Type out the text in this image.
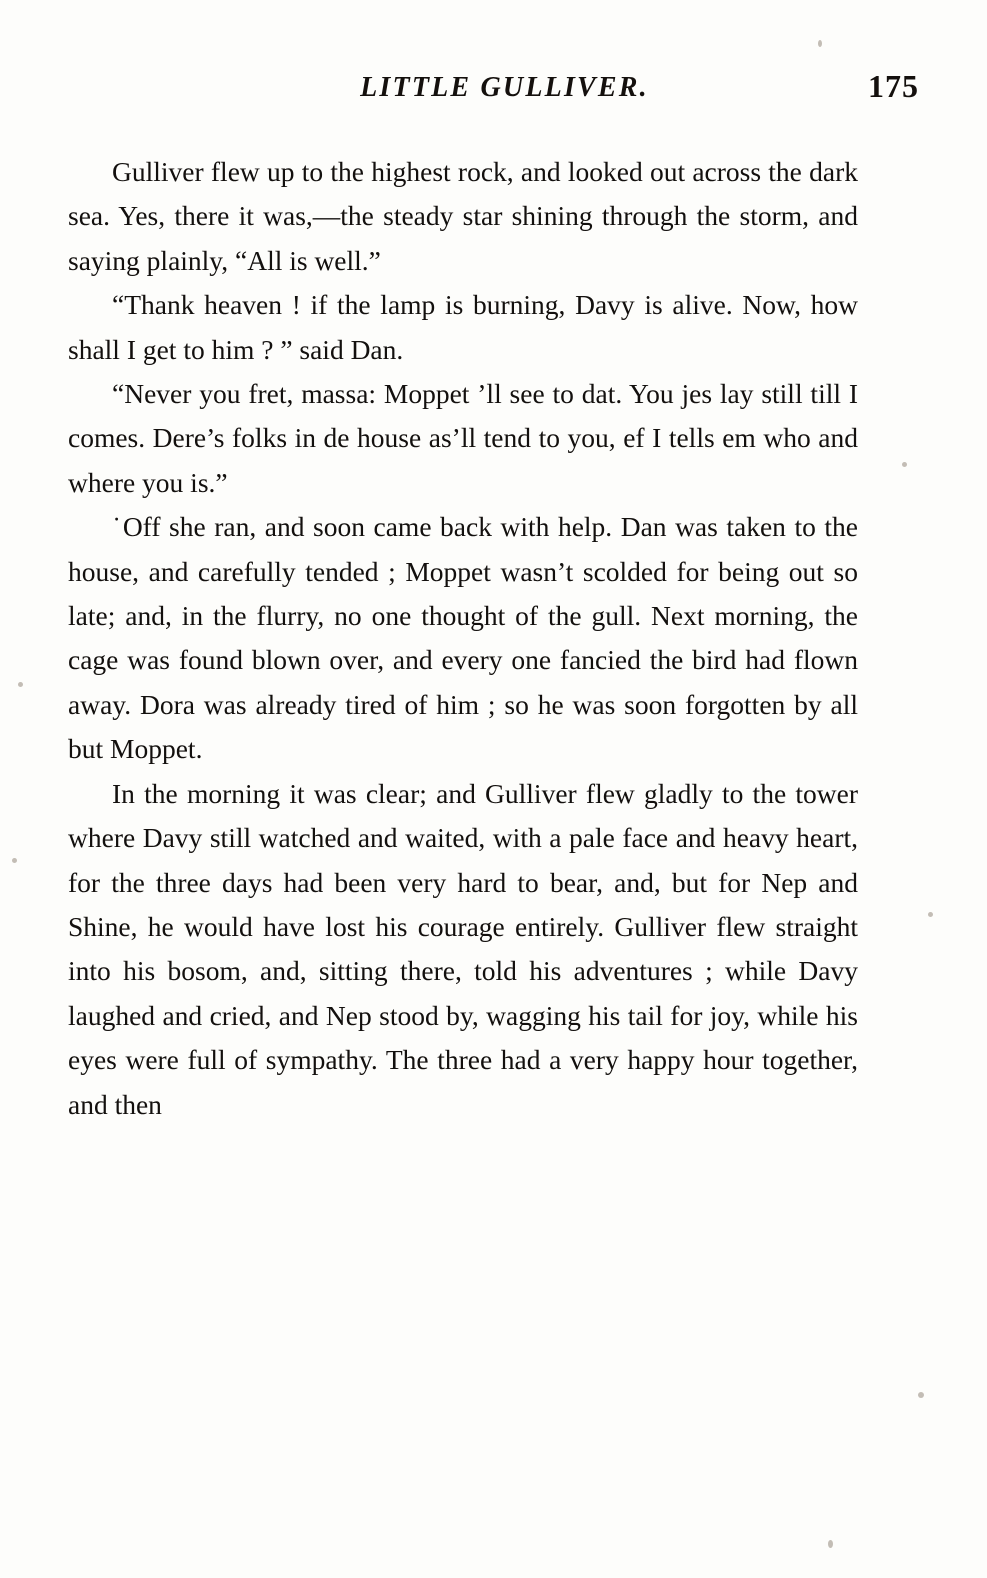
LITTLE GULLIVER.	175

Gulliver flew up to the highest rock, and looked out across the dark sea. Yes, there it was,—the steady star shining through the storm, and saying plainly, “All is well.”

“Thank heaven ! if the lamp is burning, Davy is alive. Now, how shall I get to him ? ” said Dan.

“Never you fret, massa: Moppet ’ll see to dat. You jes lay still till I comes. Dere’s folks in de house as’ll tend to you, ef I tells em who and where you is.”

˙Off she ran, and soon came back with help. Dan was taken to the house, and carefully tended ; Moppet wasn’t scolded for being out so late; and, in the flurry, no one thought of the gull. Next morning, the cage was found blown over, and every one fancied the bird had flown away. Dora was already tired of him ; so he was soon forgotten by all but Moppet.

In the morning it was clear; and Gulliver flew gladly to the tower where Davy still watched and waited, with a pale face and heavy heart, for the three days had been very hard to bear, and, but for Nep and Shine, he would have lost his courage entirely. Gulliver flew straight into his bosom, and, sitting there, told his adventures ; while Davy laughed and cried, and Nep stood by, wagging his tail for joy, while his eyes were full of sympathy. The three had a very happy hour together, and then
